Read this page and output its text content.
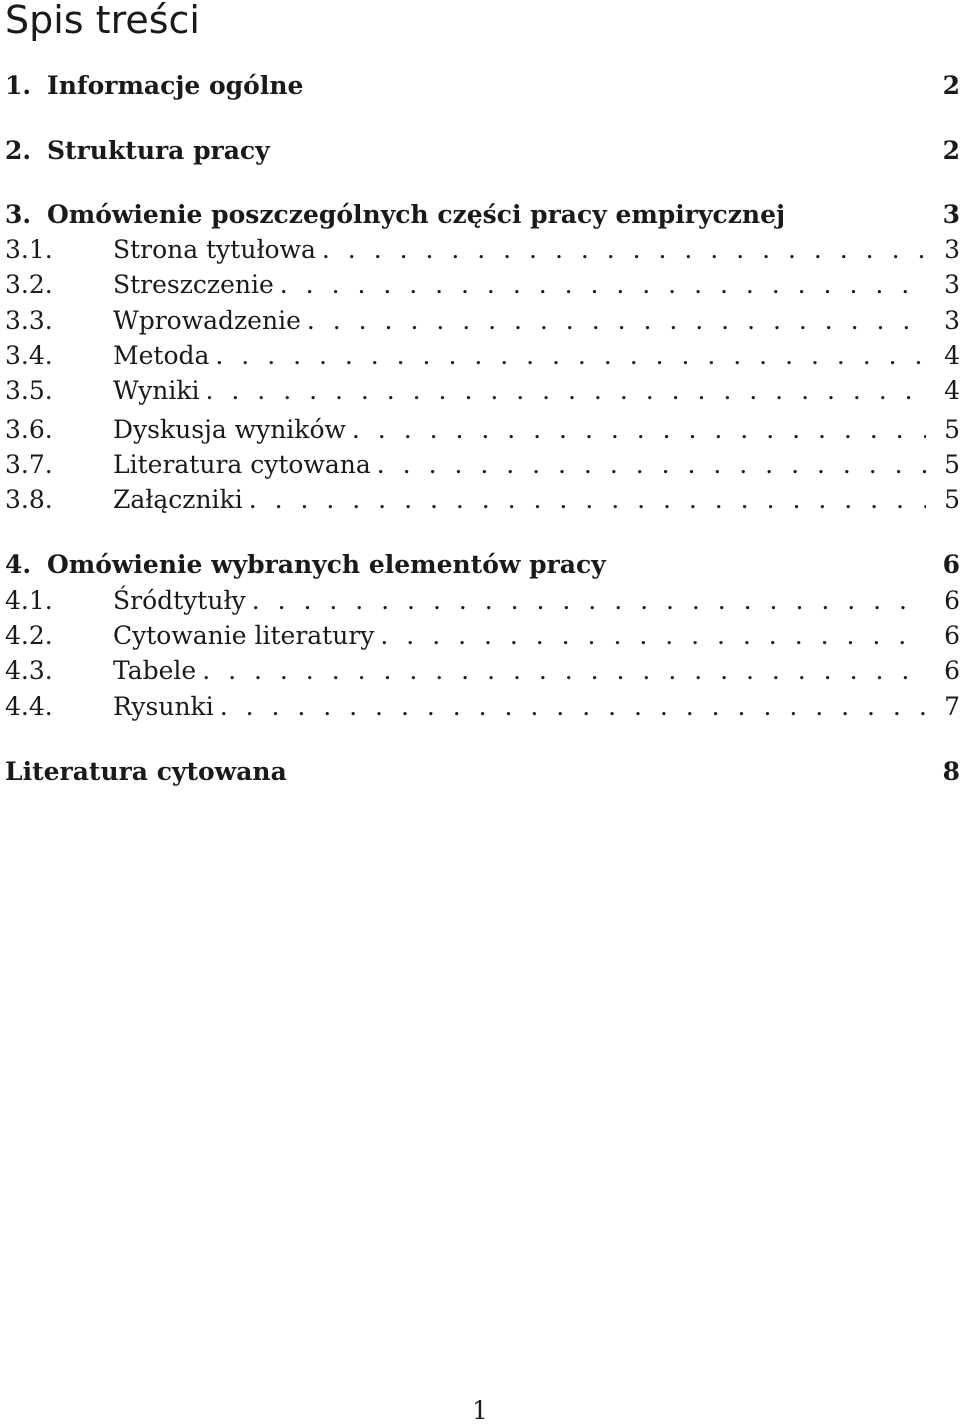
Spis treści
1. Informacje ogólne	2
2. Struktura pracy	2
3. Omówienie poszczególnych części pracy empirycznej	3
3.1.	Strona tytułowa . . .	3
3.2.	Streszczenie . . .	3
3.3.	Wprowadzenie . . .	3
3.4.	Metoda . . .	4
3.5.	Wyniki . . .	4
3.6.	Dyskusja wyników . . .	5
3.7.	Literatura cytowana . . .	5
3.8.	Załączniki . . .	5
4. Omówienie wybranych elementów pracy	6
4.1.	Śródtytuły . . .	6
4.2.	Cytowanie literatury . . .	6
4.3.	Tabele . . .	6
4.4.	Rysunki . . .	7
Literatura cytowana	8
1
